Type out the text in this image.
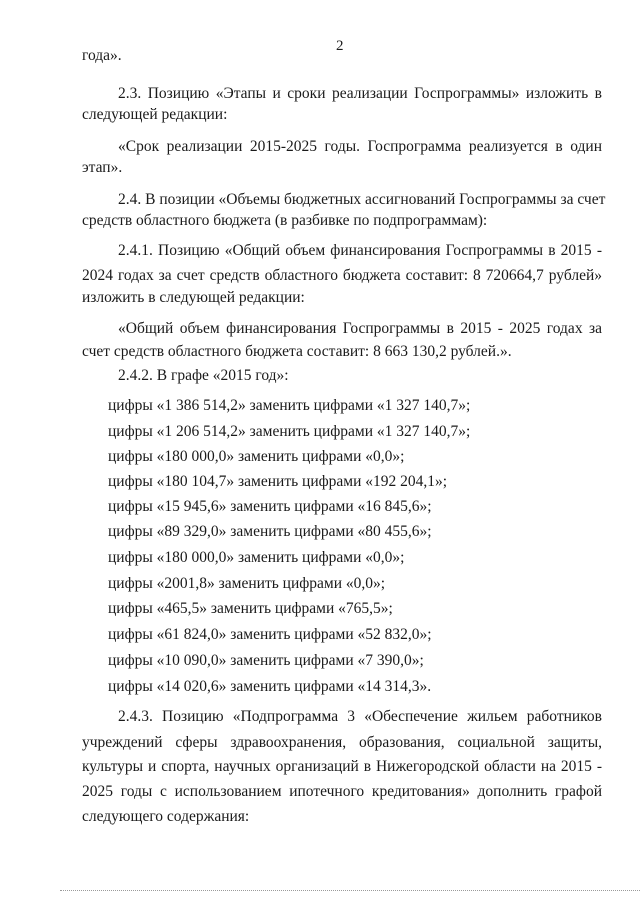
2
года».
2.3. Позицию «Этапы и сроки реализации Госпрограммы» изложить в
следующей редакции:
«Срок реализации 2015-2025 годы. Госпрограмма реализуется в один
этап».
2.4. В позиции «Объемы бюджетных ассигнований Госпрограммы за счет
средств областного бюджета (в разбивке по подпрограммам):
2.4.1. Позицию «Общий объем финансирования Госпрограммы в 2015 -
2024 годах за счет средств областного бюджета составит: 8 720664,7 рублей»
изложить в следующей редакции:
«Общий объем финансирования Госпрограммы в 2015 - 2025 годах за
счет средств областного бюджета составит: 8 663 130,2 рублей.».
2.4.2. В графе «2015 год»:
цифры «1 386 514,2» заменить цифрами «1 327 140,7»;
цифры «1 206 514,2» заменить цифрами «1 327 140,7»;
цифры «180 000,0» заменить цифрами «0,0»;
цифры «180 104,7» заменить цифрами «192 204,1»;
цифры «15 945,6» заменить цифрами «16 845,6»;
цифры «89 329,0» заменить цифрами «80 455,6»;
цифры «180 000,0» заменить цифрами «0,0»;
цифры «2001,8» заменить цифрами «0,0»;
цифры «465,5» заменить цифрами «765,5»;
цифры «61 824,0» заменить цифрами «52 832,0»;
цифры «10 090,0» заменить цифрами «7 390,0»;
цифры «14 020,6» заменить цифрами «14 314,3».
2.4.3. Позицию «Подпрограмма 3 «Обеспечение жильем работников
учреждений сферы здравоохранения, образования, социальной защиты,
культуры и спорта, научных организаций в Нижегородской области на 2015 -
2025 годы с использованием ипотечного кредитования» дополнить графой
следующего содержания:
